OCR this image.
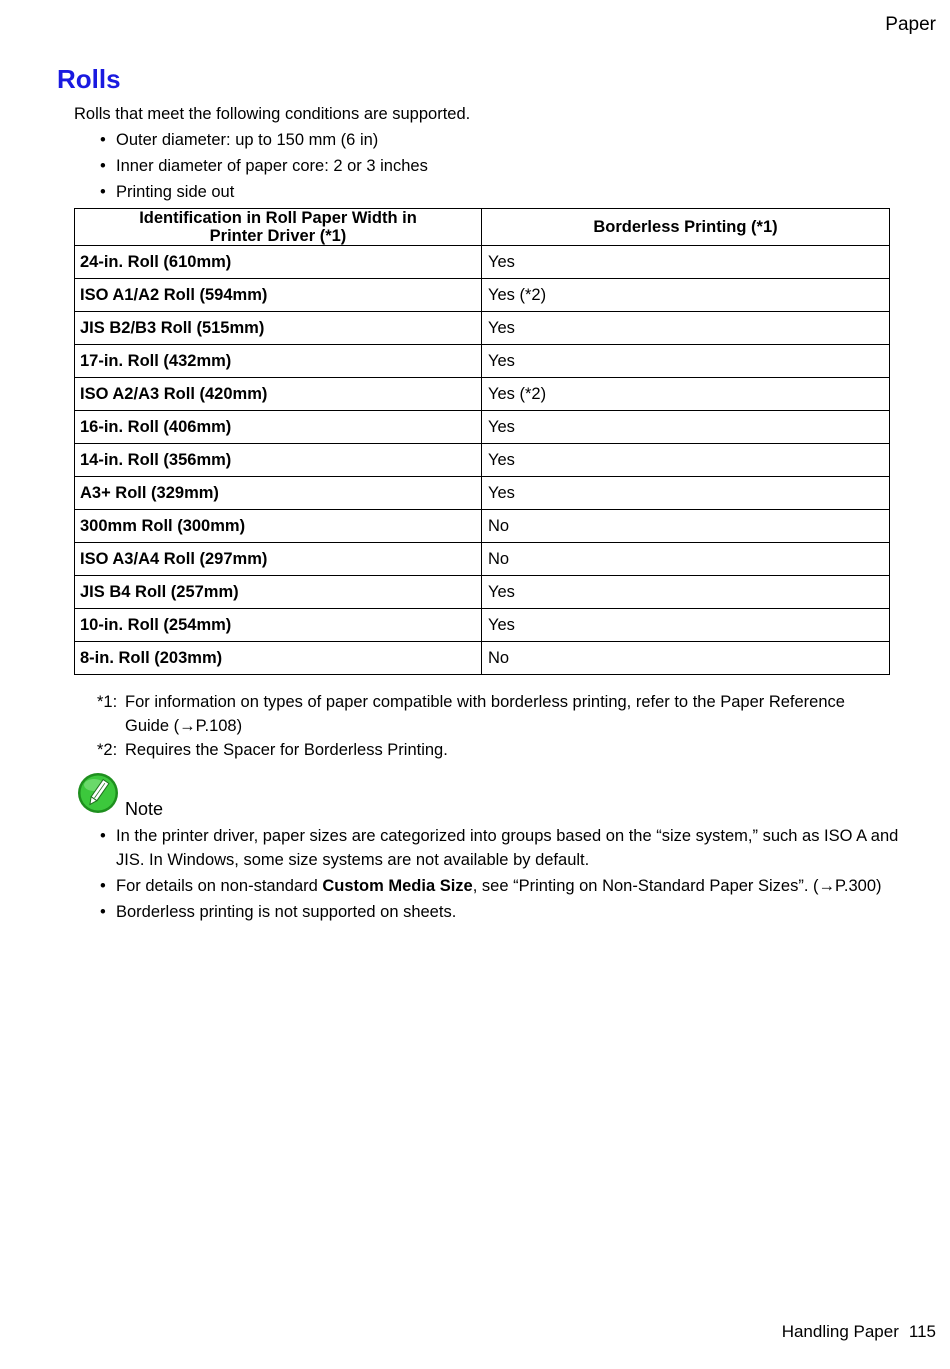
Paper
Rolls
Rolls that meet the following conditions are supported.
• Outer diameter: up to 150 mm (6 in)
• Inner diameter of paper core: 2 or 3 inches
• Printing side out
Identification in Roll Paper Width in Printer Driver (*1)	Borderless Printing (*1)
24-in. Roll (610mm)	Yes
ISO A1/A2 Roll (594mm)	Yes (*2)
JIS B2/B3 Roll (515mm)	Yes
17-in. Roll (432mm)	Yes
ISO A2/A3 Roll (420mm)	Yes (*2)
16-in. Roll (406mm)	Yes
14-in. Roll (356mm)	Yes
A3+ Roll (329mm)	Yes
300mm Roll (300mm)	No
ISO A3/A4 Roll (297mm)	No
JIS B4 Roll (257mm)	Yes
10-in. Roll (254mm)	Yes
8-in. Roll (203mm)	No
*1: For information on types of paper compatible with borderless printing, refer to the Paper Reference Guide (→P.108)
*2: Requires the Spacer for Borderless Printing.
Note
• In the printer driver, paper sizes are categorized into groups based on the “size system,” such as ISO A and JIS. In Windows, some size systems are not available by default.
• For details on non-standard Custom Media Size, see “Printing on Non-Standard Paper Sizes”. (→P.300)
• Borderless printing is not supported on sheets.
Handling Paper 115
